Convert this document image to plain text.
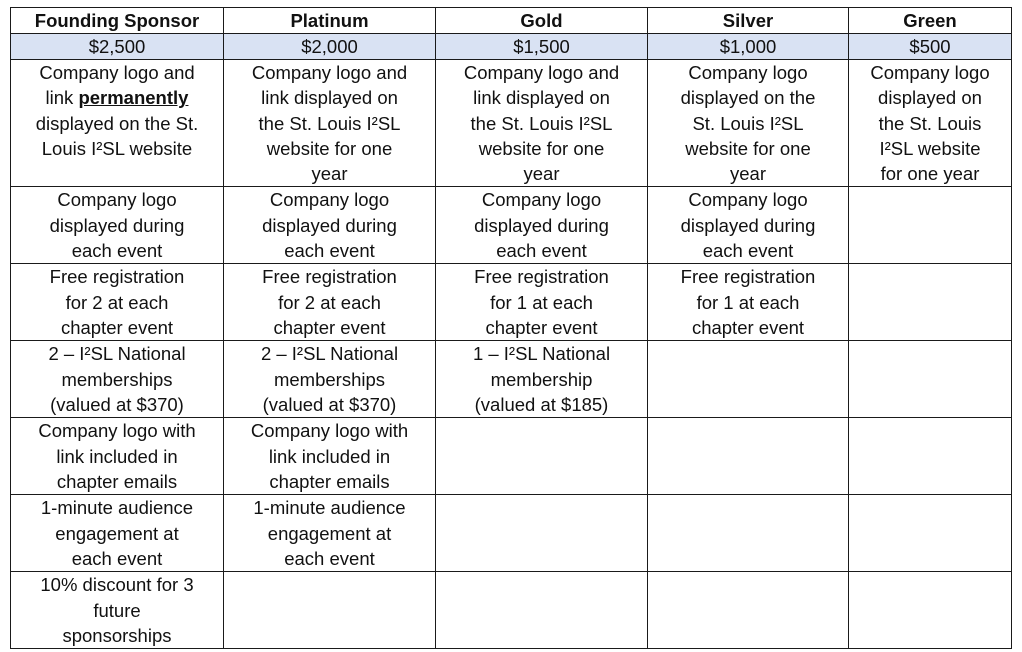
Founding Sponsor	Platinum	Gold	Silver	Green
$2,500	$2,000	$1,500	$1,000	$500

Company logo and
link permanently
displayed on the St.
Louis I²SL website	Company logo and
link displayed on
the St. Louis I²SL
website for one
year	Company logo and
link displayed on
the St. Louis I²SL
website for one
year	Company logo
displayed on the
St. Louis I²SL
website for one
year	Company logo
displayed on
the St. Louis
I²SL website
for one year

Company logo
displayed during
each event	Company logo
displayed during
each event	Company logo
displayed during
each event	Company logo
displayed during
each event	

Free registration
for 2 at each
chapter event	Free registration
for 2 at each
chapter event	Free registration
for 1 at each
chapter event	Free registration
for 1 at each
chapter event	

2 – I²SL National
memberships
(valued at $370)	2 – I²SL National
memberships
(valued at $370)	1 – I²SL National
membership
(valued at $185)		

Company logo with
link included in
chapter emails	Company logo with
link included in
chapter emails			

1-minute audience
engagement at
each event	1-minute audience
engagement at
each event			

10% discount for 3
future
sponsorships				
